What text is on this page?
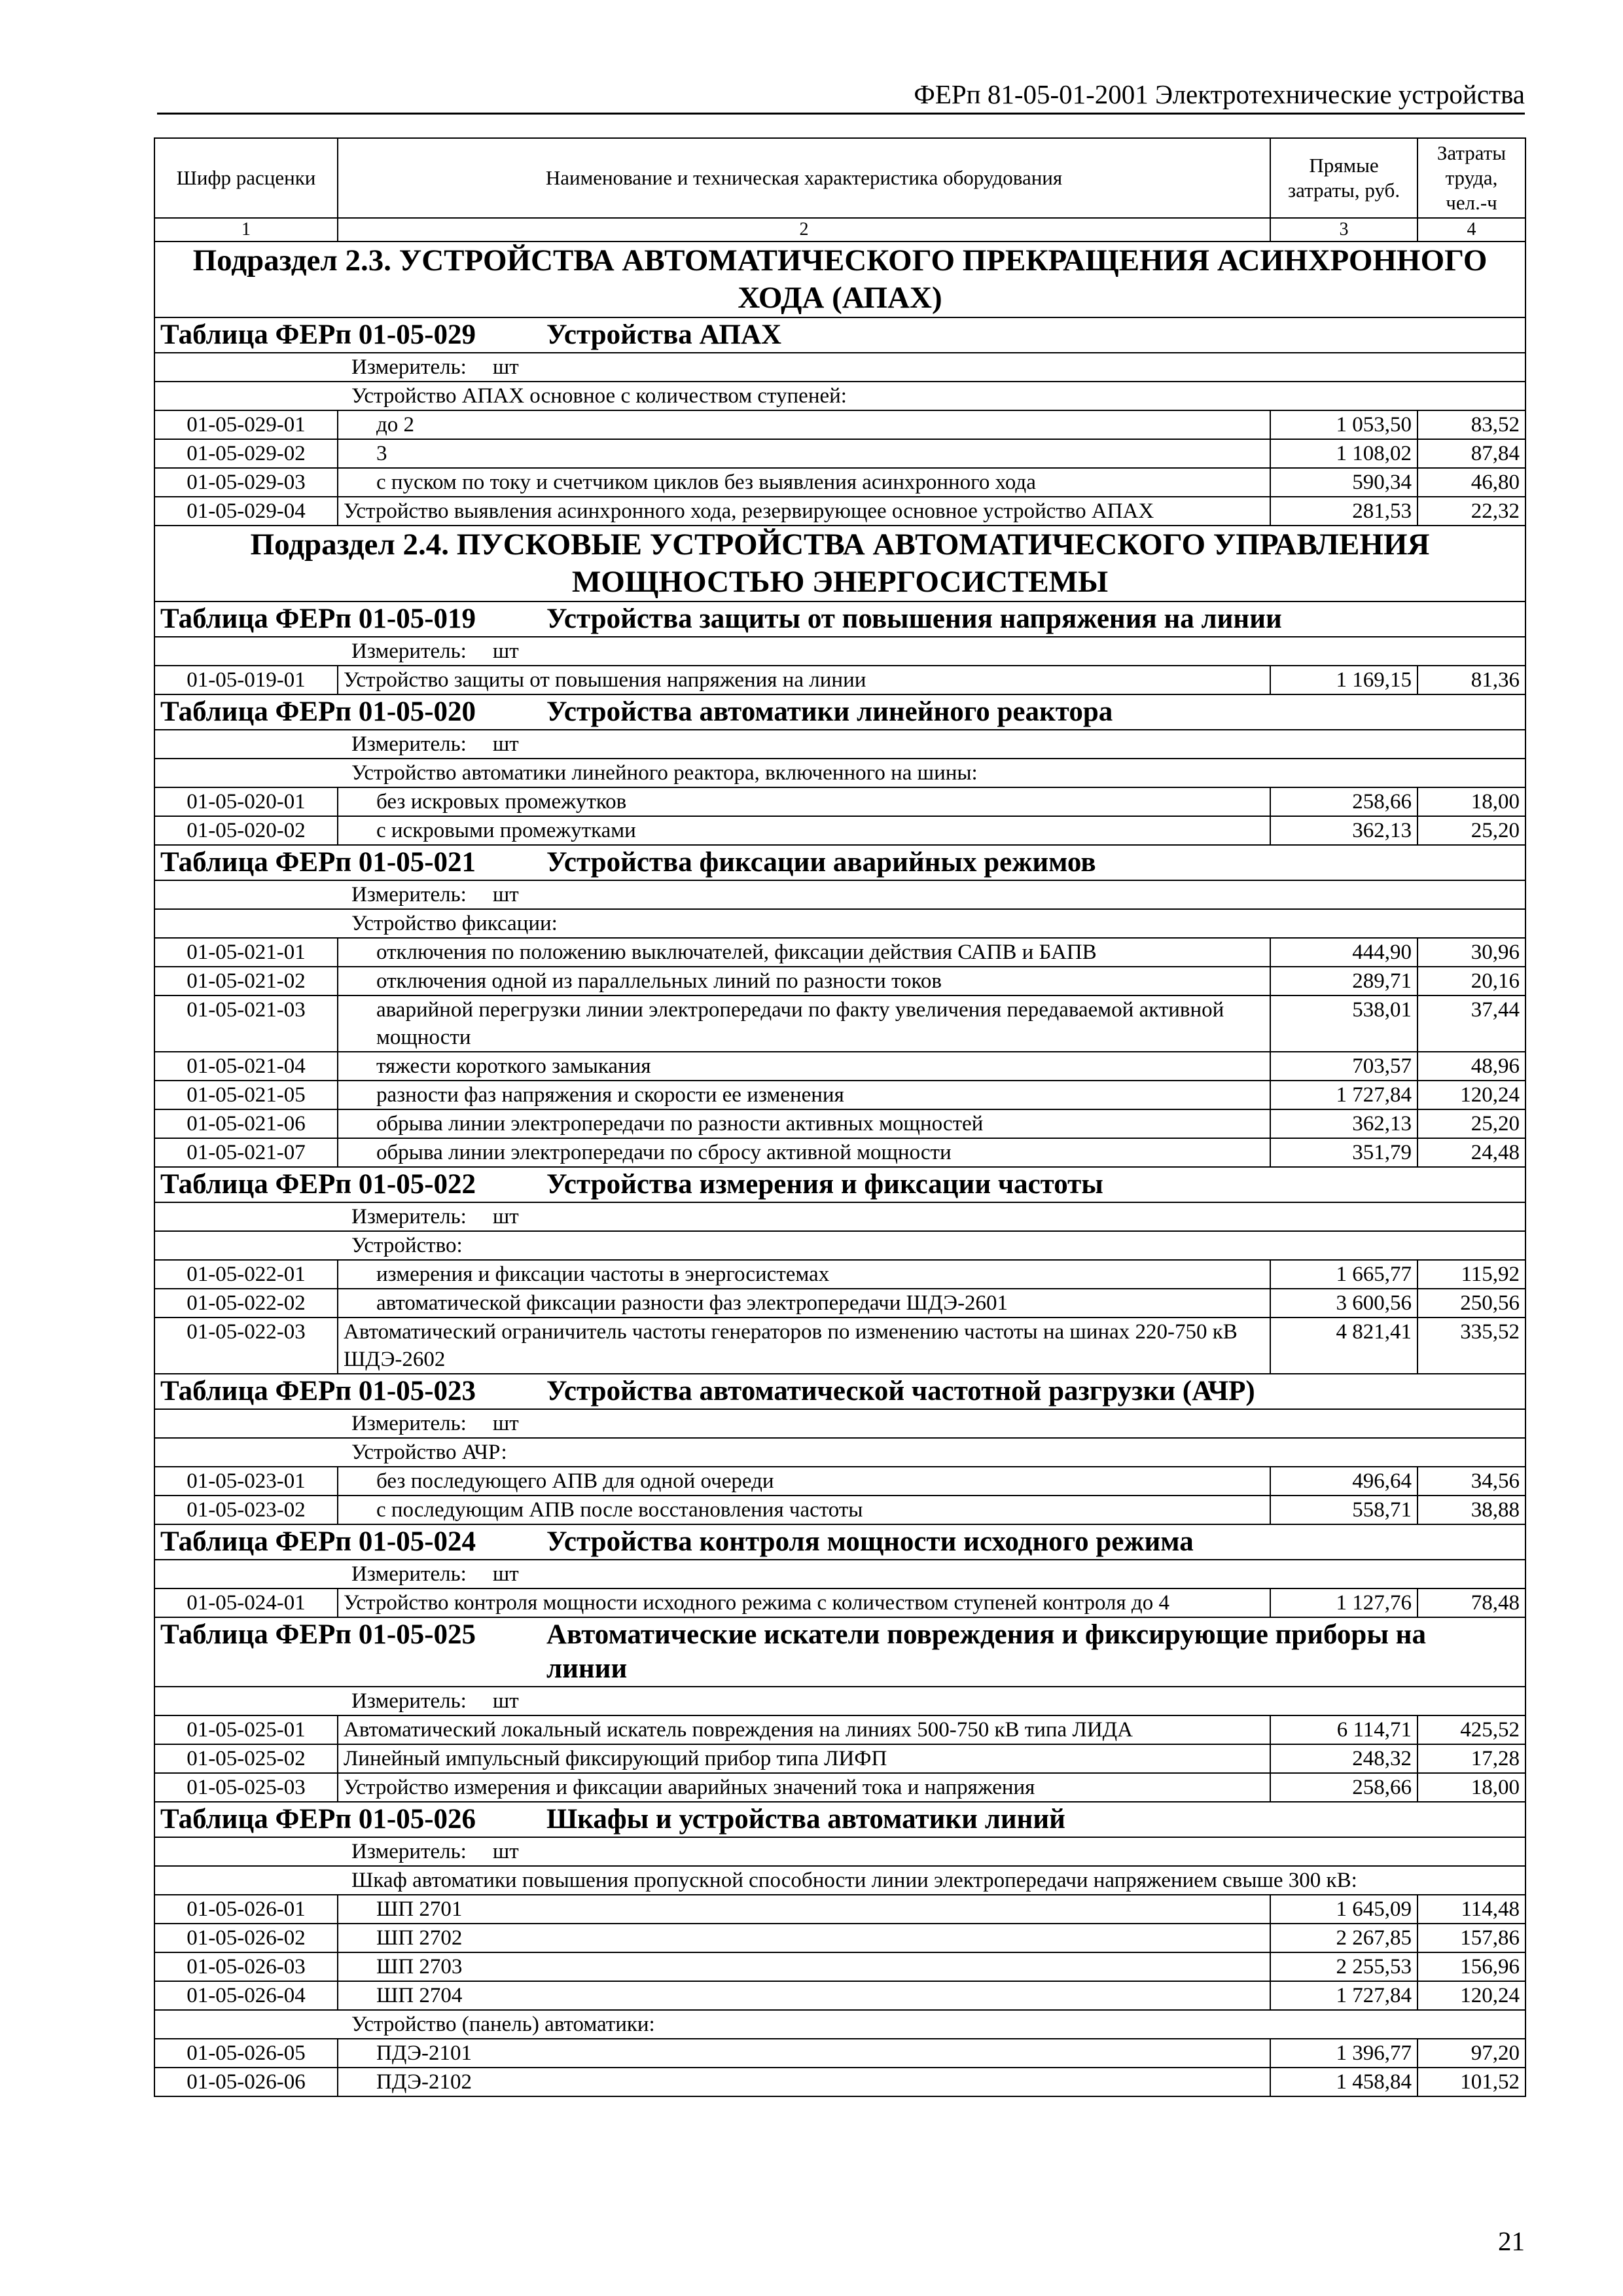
ФЕРп 81-05-01-2001 Электротехнические устройства
Шифр расценки	Наименование и техническая характеристика оборудования	Прямые затраты, руб.	Затраты труда, чел.-ч
1	2	3	4
Подраздел 2.3. УСТРОЙСТВА АВТОМАТИЧЕСКОГО ПРЕКРАЩЕНИЯ АСИНХРОННОГО ХОДА (АПАХ)			
Таблица ФЕРп 01-05-029 Устройства АПАХ			
Измеритель: шт			
Устройство АПАХ основное с количеством ступеней:			
01-05-029-01	до 2	1 053,50	83,52
01-05-029-02	3	1 108,02	87,84
01-05-029-03	с пуском по току и счетчиком циклов без выявления асинхронного хода	590,34	46,80
01-05-029-04	Устройство выявления асинхронного хода, резервирующее основное устройство АПАХ	281,53	22,32
Подраздел 2.4. ПУСКОВЫЕ УСТРОЙСТВА АВТОМАТИЧЕСКОГО УПРАВЛЕНИЯ МОЩНОСТЬЮ ЭНЕРГОСИСТЕМЫ			
Таблица ФЕРп 01-05-019 Устройства защиты от повышения напряжения на линии			
Измеритель: шт			
01-05-019-01	Устройство защиты от повышения напряжения на линии	1 169,15	81,36
Таблица ФЕРп 01-05-020 Устройства автоматики линейного реактора			
Измеритель: шт			
Устройство автоматики линейного реактора, включенного на шины:			
01-05-020-01	без искровых промежутков	258,66	18,00
01-05-020-02	с искровыми промежутками	362,13	25,20
Таблица ФЕРп 01-05-021 Устройства фиксации аварийных режимов			
Измеритель: шт			
Устройство фиксации:			
01-05-021-01	отключения по положению выключателей, фиксации действия САПВ и БАПВ	444,90	30,96
01-05-021-02	отключения одной из параллельных линий по разности токов	289,71	20,16
01-05-021-03	аварийной перегрузки линии электропередачи по факту увеличения передаваемой активной мощности	538,01	37,44
01-05-021-04	тяжести короткого замыкания	703,57	48,96
01-05-021-05	разности фаз напряжения и скорости ее изменения	1 727,84	120,24
01-05-021-06	обрыва линии электропередачи по разности активных мощностей	362,13	25,20
01-05-021-07	обрыва линии электропередачи по сбросу активной мощности	351,79	24,48
Таблица ФЕРп 01-05-022 Устройства измерения и фиксации частоты			
Измеритель: шт			
Устройство:			
01-05-022-01	измерения и фиксации частоты в энергосистемах	1 665,77	115,92
01-05-022-02	автоматической фиксации разности фаз электропередачи ШДЭ-2601	3 600,56	250,56
01-05-022-03	Автоматический ограничитель частоты генераторов по изменению частоты на шинах 220-750 кВ ШДЭ-2602	4 821,41	335,52
Таблица ФЕРп 01-05-023 Устройства автоматической частотной разгрузки (АЧР)			
Измеритель: шт			
Устройство АЧР:			
01-05-023-01	без последующего АПВ для одной очереди	496,64	34,56
01-05-023-02	с последующим АПВ после восстановления частоты	558,71	38,88
Таблица ФЕРп 01-05-024 Устройства контроля мощности исходного режима			
Измеритель: шт			
01-05-024-01	Устройство контроля мощности исходного режима с количеством ступеней контроля до 4	1 127,76	78,48
Таблица ФЕРп 01-05-025 Автоматические искатели повреждения и фиксирующие приборы на линии			
Измеритель: шт			
01-05-025-01	Автоматический локальный искатель повреждения на линиях 500-750 кВ типа ЛИДА	6 114,71	425,52
01-05-025-02	Линейный импульсный фиксирующий прибор типа ЛИФП	248,32	17,28
01-05-025-03	Устройство измерения и фиксации аварийных значений тока и напряжения	258,66	18,00
Таблица ФЕРп 01-05-026 Шкафы и устройства автоматики линий			
Измеритель: шт			
Шкаф автоматики повышения пропускной способности линии электропередачи напряжением свыше 300 кВ:			
01-05-026-01	ШП 2701	1 645,09	114,48
01-05-026-02	ШП 2702	2 267,85	157,86
01-05-026-03	ШП 2703	2 255,53	156,96
01-05-026-04	ШП 2704	1 727,84	120,24
Устройство (панель) автоматики:			
01-05-026-05	ПДЭ-2101	1 396,77	97,20
01-05-026-06	ПДЭ-2102	1 458,84	101,52
21
